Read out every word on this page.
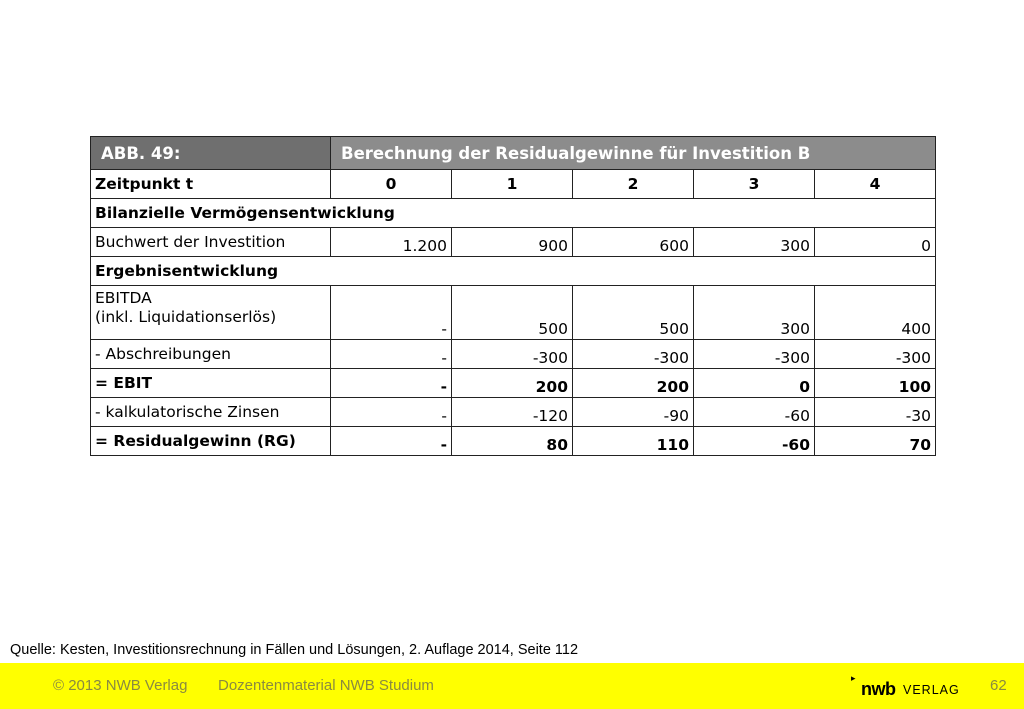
ABB. 49:	Berechnung der Residualgewinne für Investition B				
Zeitpunkt t	0	1	2	3	4
Bilanzielle Vermögensentwicklung					
Buchwert der Investition	1.200	900	600	300	0
Ergebnisentwicklung					

EBITDA
(inkl. Liquidationserlös)	-	500	500	300	400
- Abschreibungen	-	-300	-300	-300	-300
= EBIT	-	200	200	0	100
- kalkulatorische Zinsen	-	-120	-90	-60	-30
= Residualgewinn (RG)	-	80	110	-60	70
Quelle: Kesten, Investitionsrechnung in Fällen und Lösungen, 2. Auflage 2014, Seite 112
© 2013 NWB Verlag Dozentenmaterial NWB Studium	▸
nwb VERLAG 62
